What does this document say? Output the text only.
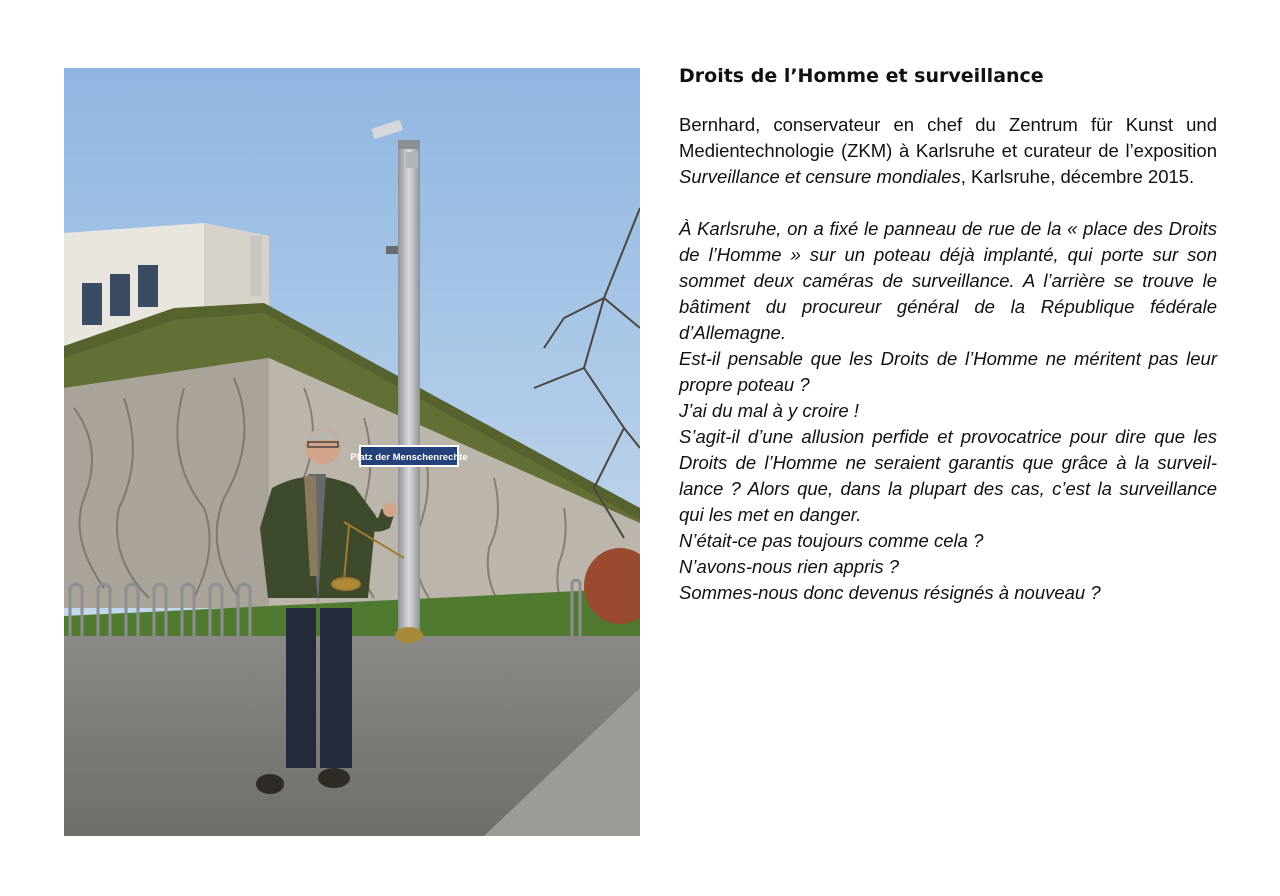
Platz der Menschenrechte
Droits de l’Homme et surveillance

Bernhard, conservateur en chef du Zentrum für Kunst und Medientechnologie (ZKM) à Karlsruhe et curateur de l’exposition Surveillance et censure mondiales, Karlsruhe, décembre 2015.

À Karlsruhe, on a fixé le panneau de rue de la « place des Droits de l’Homme » sur un poteau déjà implanté, qui porte sur son sommet deux caméras de surveillance. A l’arrière se trouve le bâtiment du procureur général de la République fédérale d’Allemagne.

Est-il pensable que les Droits de l’Homme ne méritent pas leur propre poteau ?

J’ai du mal à y croire !

S’agit-il d’une allusion perfide et provocatrice pour dire que les Droits de l’Homme ne seraient garantis que grâce à la surveillance ? Alors que, dans la plupart des cas, c’est la surveillance qui les met en danger.

N’était-ce pas toujours comme cela ?

N’avons-nous rien appris ?

Sommes-nous donc devenus résignés à nouveau ?
